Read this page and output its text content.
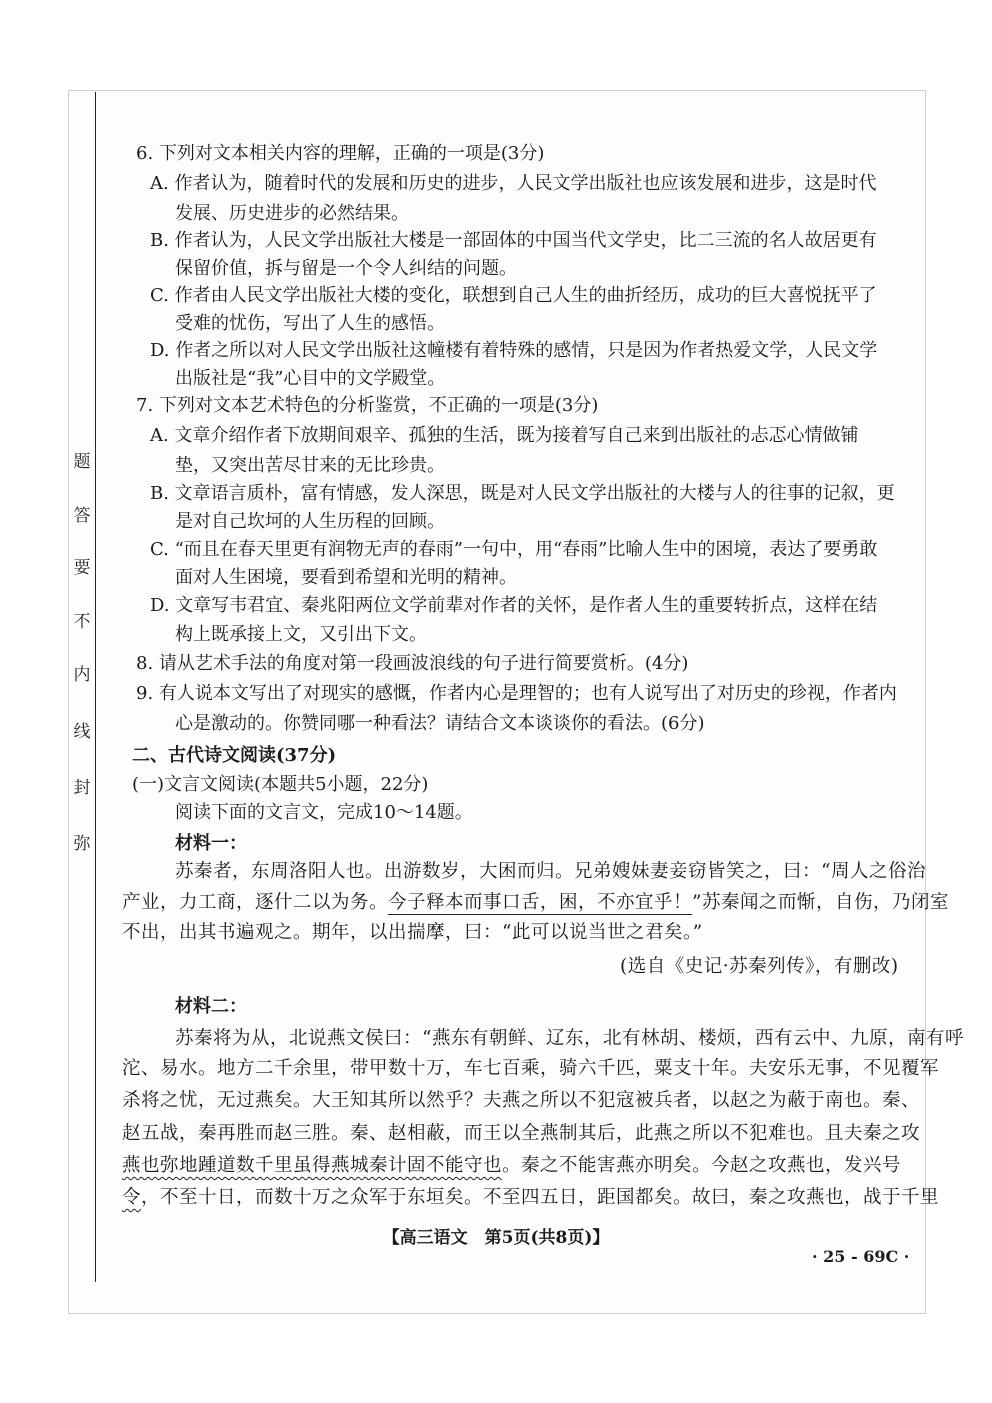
题
答
要
不
内
线
封
弥
6. 下列对文本相关内容的理解，正确的一项是(3分)
A. 作者认为，随着时代的发展和历史的进步，人民文学出版社也应该发展和进步，这是时代
发展、历史进步的必然结果。
B. 作者认为，人民文学出版社大楼是一部固体的中国当代文学史，比二三流的名人故居更有
保留价值，拆与留是一个令人纠结的问题。
C. 作者由人民文学出版社大楼的变化，联想到自己人生的曲折经历，成功的巨大喜悦抚平了
受难的忧伤，写出了人生的感悟。
D. 作者之所以对人民文学出版社这幢楼有着特殊的感情，只是因为作者热爱文学，人民文学
出版社是“我”心目中的文学殿堂。
7. 下列对文本艺术特色的分析鉴赏，不正确的一项是(3分)
A. 文章介绍作者下放期间艰辛、孤独的生活，既为接着写自己来到出版社的忐忑心情做铺
垫，又突出苦尽甘来的无比珍贵。
B. 文章语言质朴，富有情感，发人深思，既是对人民文学出版社的大楼与人的往事的记叙，更
是对自己坎坷的人生历程的回顾。
C. “而且在春天里更有润物无声的春雨”一句中，用“春雨”比喻人生中的困境，表达了要勇敢
面对人生困境，要看到希望和光明的精神。
D. 文章写韦君宜、秦兆阳两位文学前辈对作者的关怀，是作者人生的重要转折点，这样在结
构上既承接上文，又引出下文。
8. 请从艺术手法的角度对第一段画波浪线的句子进行简要赏析。(4分)
9. 有人说本文写出了对现实的感慨，作者内心是理智的；也有人说写出了对历史的珍视，作者内
心是激动的。你赞同哪一种看法？请结合文本谈谈你的看法。(6分)
二、古代诗文阅读(37分)
(一)文言文阅读(本题共5小题，22分)
阅读下面的文言文，完成10～14题。
材料一：
苏秦者，东周洛阳人也。出游数岁，大困而归。兄弟嫂妹妻妾窃皆笑之，曰：“周人之俗治
产业，力工商，逐什二以为务。今子释本而事口舌，困，不亦宜乎！”苏秦闻之而惭，自伤，乃闭室
不出，出其书遍观之。期年，以出揣摩，曰：“此可以说当世之君矣。”
(选自《史记·苏秦列传》，有删改)
材料二：
苏秦将为从，北说燕文侯曰：“燕东有朝鲜、辽东，北有林胡、楼烦，西有云中、九原，南有呼
沱、易水。地方二千余里，带甲数十万，车七百乘，骑六千匹，粟支十年。夫安乐无事，不见覆军
杀将之忧，无过燕矣。大王知其所以然乎？夫燕之所以不犯寇被兵者，以赵之为蔽于南也。秦、
赵五战，秦再胜而赵三胜。秦、赵相蔽，而王以全燕制其后，此燕之所以不犯难也。且夫秦之攻
燕也弥地踵道数千里虽得燕城秦计固不能守也。秦之不能害燕亦明矣。今赵之攻燕也，发兴号
令，不至十日，而数十万之众军于东垣矣。不至四五日，距国都矣。故曰，秦之攻燕也，战于千里
【高三语文　第5页(共8页)】
· 25 - 69C ·
